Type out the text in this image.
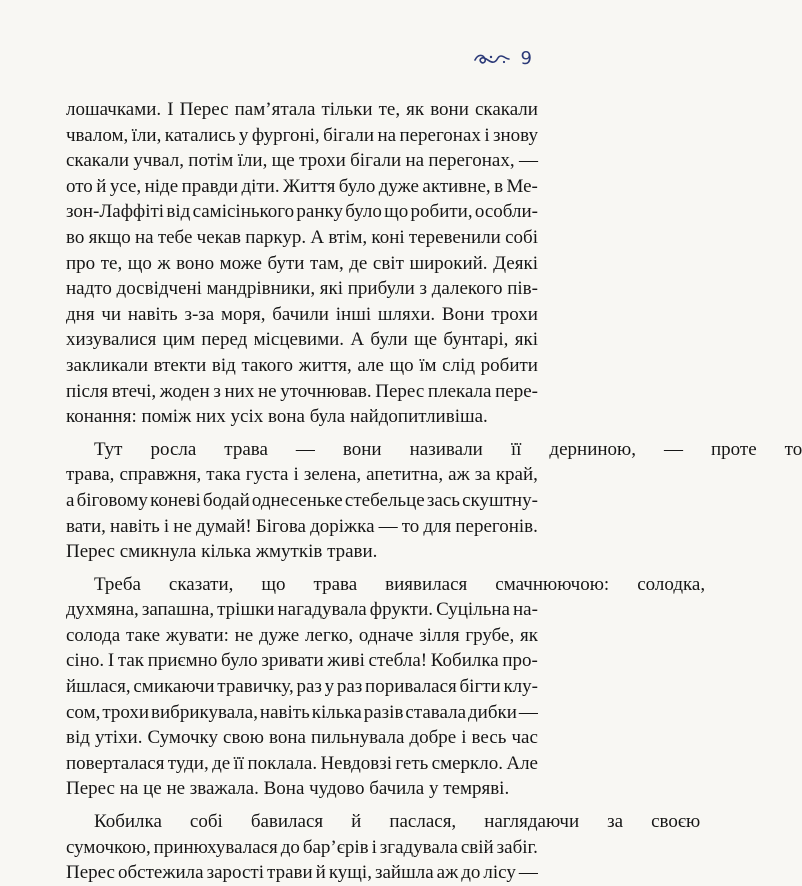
9
лошачками. І Перес пам’ятала тільки те, як вони скакали
чвалом, їли, катались у фургоні, бігали на перегонах і знову
скакали учвал, потім їли, ще трохи бігали на перегонах, —
ото й усе, ніде правди діти. Життя було дуже активне, в Ме-
зон-Лаффіті від самісінького ранку було що робити, особли-
во якщо на тебе чекав паркур. А втім, коні теревенили собі
про те, що ж воно може бути там, де світ широкий. Деякі
надто досвідчені мандрівники, які прибули з далекого пів-
дня чи навіть з-за моря, бачили інші шляхи. Вони трохи
хизувалися цим перед місцевими. А були ще бунтарі, які
закликали втекти від такого життя, але що їм слід робити
після втечі, жоден з них не уточнював. Перес плекала пере-
конання: поміж них усіх вона була найдопитливіша.
Тут	росла	трава	—	вони	називали	її	дерниною,	—	проте	то
трава, справжня, така густа і зелена, апетитна, аж за край,
а біговому коневі бодай однесеньке стебельце зась скуштну-
вати, навіть і не думай! Бігова доріжка — то для перегонів.
Перес смикнула кілька жмутків трави.
Треба	сказати,	що	трава	виявилася	смачнюючою:	солодка,
духмяна, запашна, трішки нагадувала фрукти. Суцільна на-
солода таке жувати: не дуже легко, одначе зілля грубе, як
сіно. І так приємно було зривати живі стебла! Кобилка про-
йшлася, смикаючи травичку, раз у раз поривалася бігти клу-
сом, трохи вибрикувала, навіть кілька разів ставала дибки —
від утіхи. Сумочку свою вона пильнувала добре і весь час
поверталася туди, де її поклала. Невдовзі геть смеркло. Але
Перес на це не зважала. Вона чудово бачила у темряві.
Кобилка	собі	бавилася	й	паслася,	наглядаючи	за	своєю
сумочкою, принюхувалася до бар’єрів і згадувала свій забіг.
Перес обстежила зарості трави й кущі, зайшла аж до лісу —
